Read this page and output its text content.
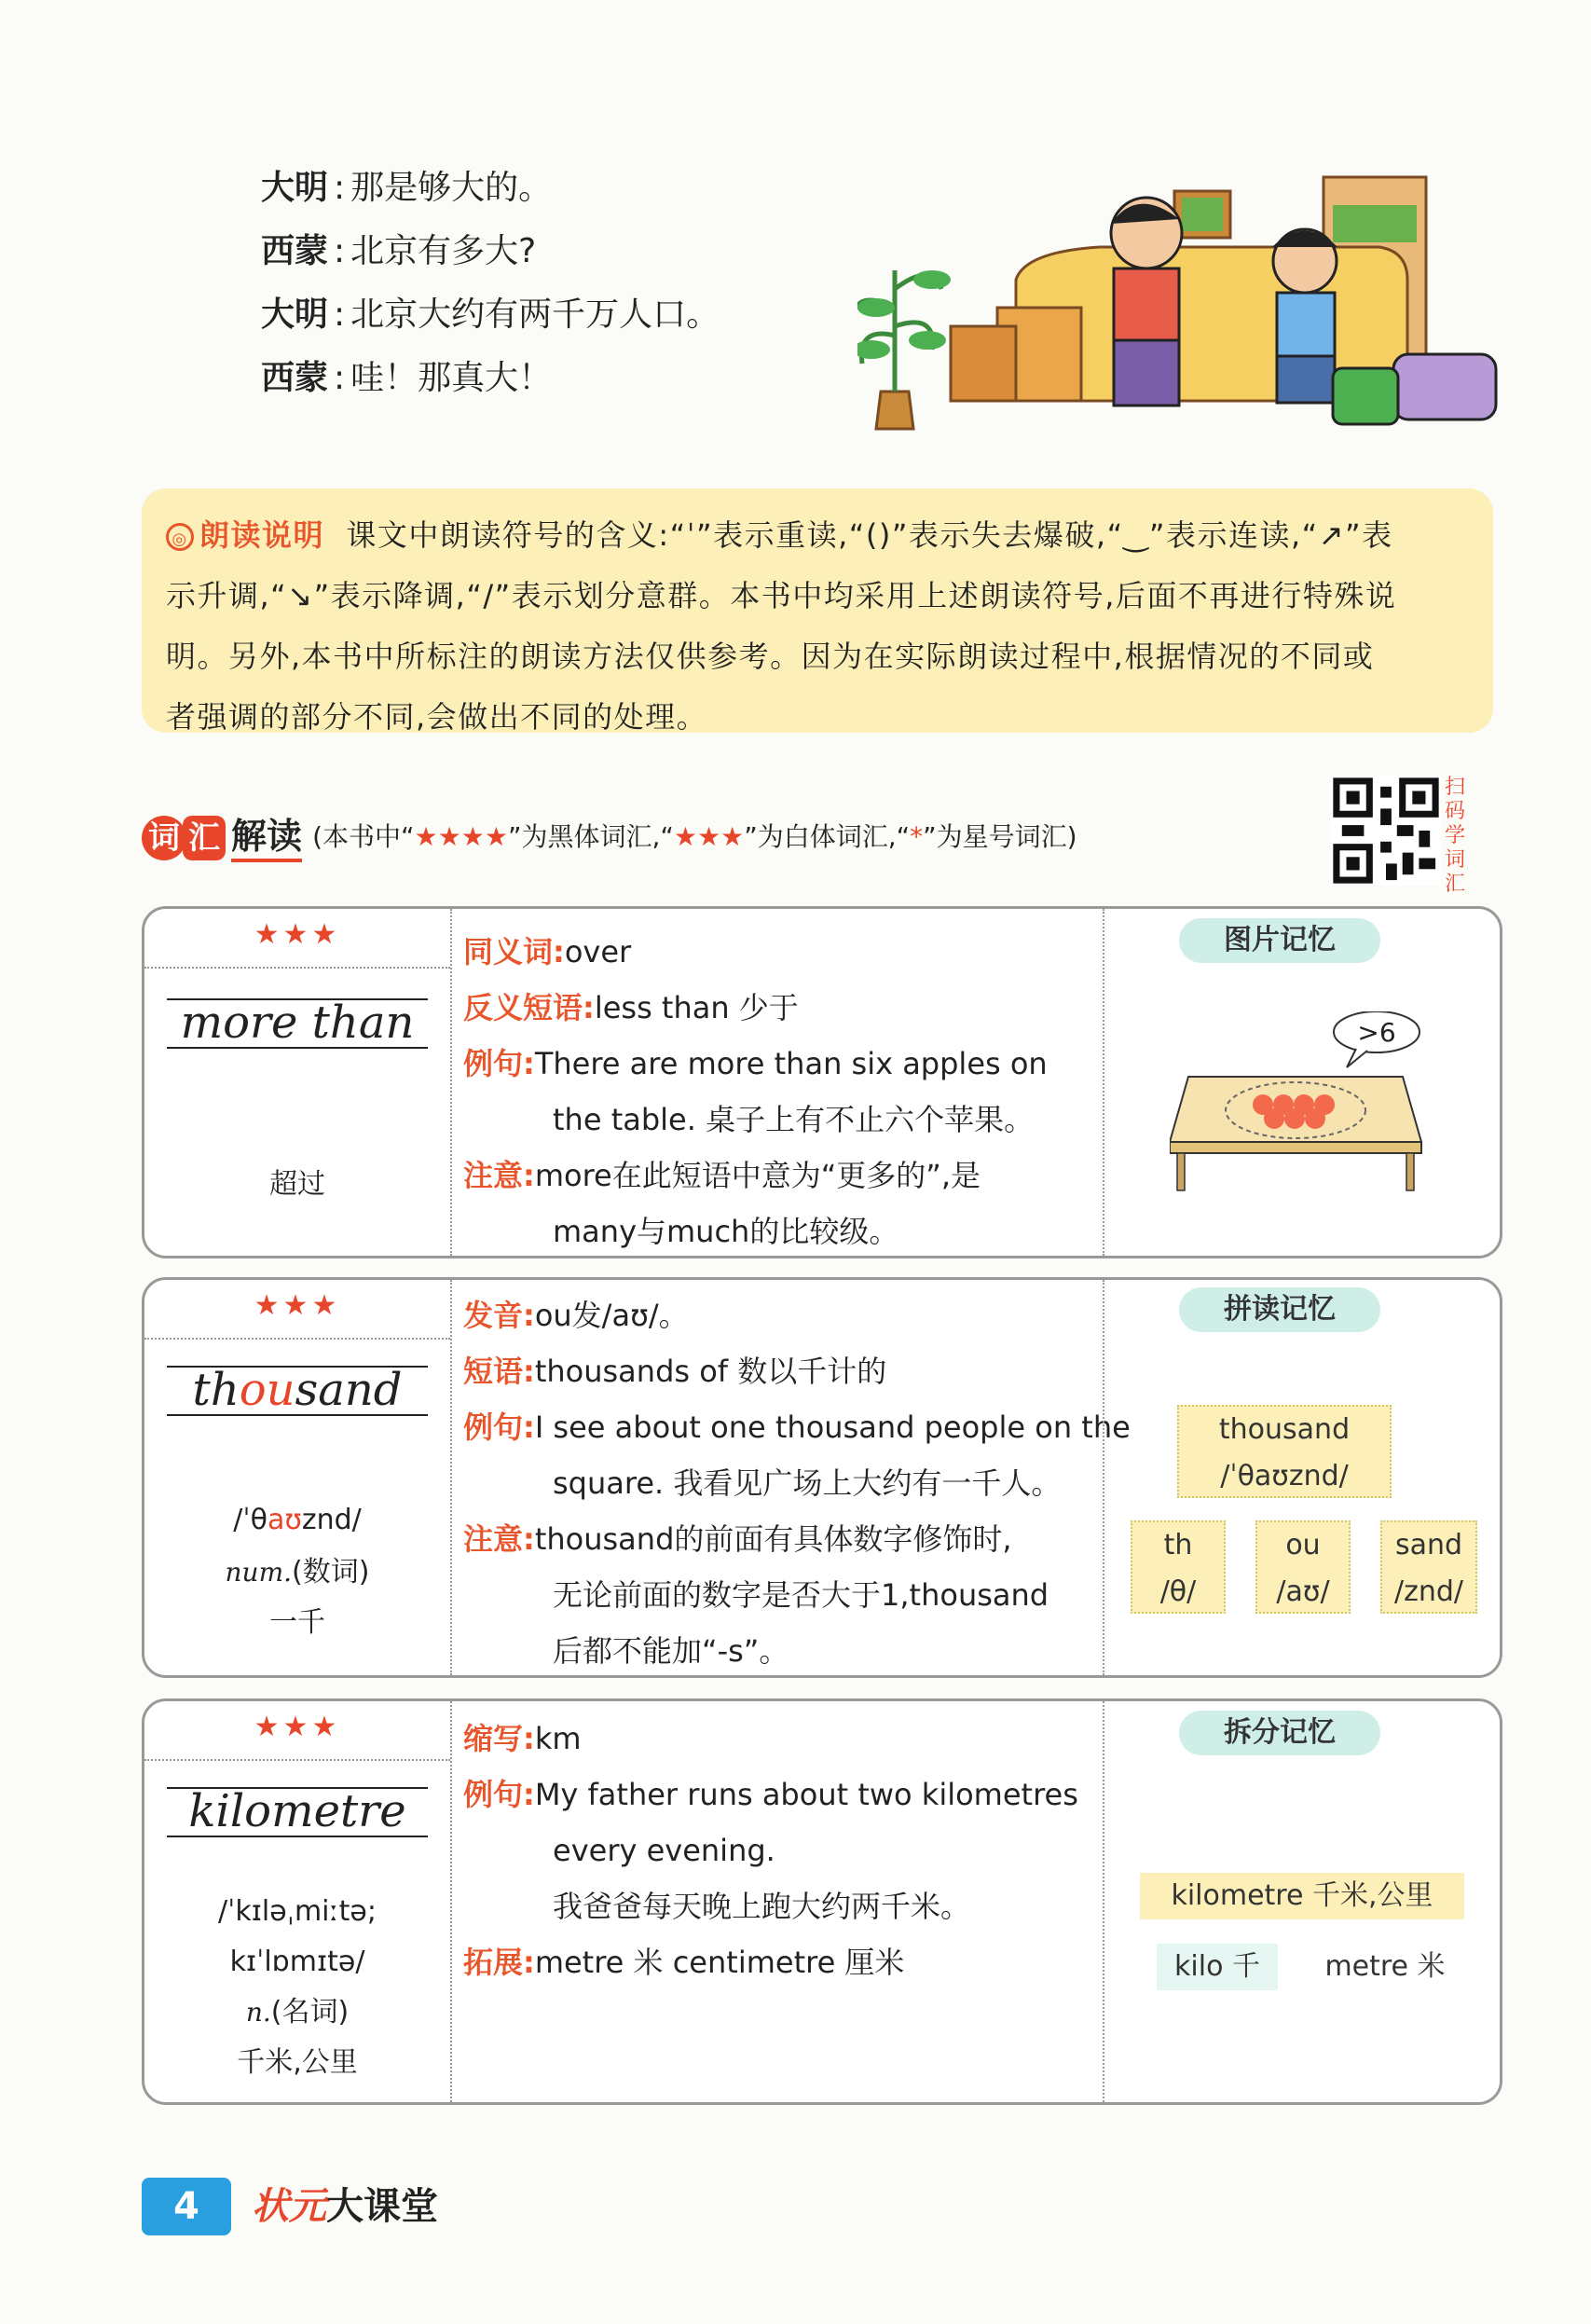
大明 : 那是够大的。
西蒙 : 北京有多大?
大明 : 北京大约有两千万人口。
西蒙 : 哇！那真大！

◎ 朗读说明 课文中朗读符号的含义:“ˈ”表示重读,“()”表示失去爆破,“‿”表示连读,“↗”表

示升调,“↘”表示降调,“/”表示划分意群。本书中均采用上述朗读符号,后面不再进行特殊说

明。另外,本书中所标注的朗读方法仅供参考。因为在实际朗读过程中,根据情况的不同或

者强调的部分不同,会做出不同的处理。

词 汇 解读 (本书中“★★★★”为黑体词汇,“★★★”为白体词汇,“*”为星号词汇)
扫码学词汇
★★★
more than
超过
同义词:over
反义短语:less than 少于
例句:There are more than six apples on
the table. 桌子上有不止六个苹果。
注意:more在此短语中意为“更多的”,是
many与much的比较级。
图片记忆
>6
★★★
thousand
/ˈθaʊznd/
num.(数词)
一千
发音:ou发/aʊ/。
短语:thousands of 数以千计的
例句:I see about one thousand people on the
square. 我看见广场上大约有一千人。
注意:thousand的前面有具体数字修饰时,
无论前面的数字是否大于1,thousand
后都不能加“-s”。
拼读记忆
thousand
/ˈθaʊznd/
th
/θ/
ou
/aʊ/
sand
/znd/
★★★
kilometre
/ˈkɪləˌmiːtə;
kɪˈlɒmɪtə/
n.(名词)
千米,公里
缩写:km
例句:My father runs about two kilometres
every evening.
我爸爸每天晚上跑大约两千米。
拓展:metre 米 centimetre 厘米
拆分记忆
kilometre 千米,公里
kilo 千	metre 米
4	状元大课堂
